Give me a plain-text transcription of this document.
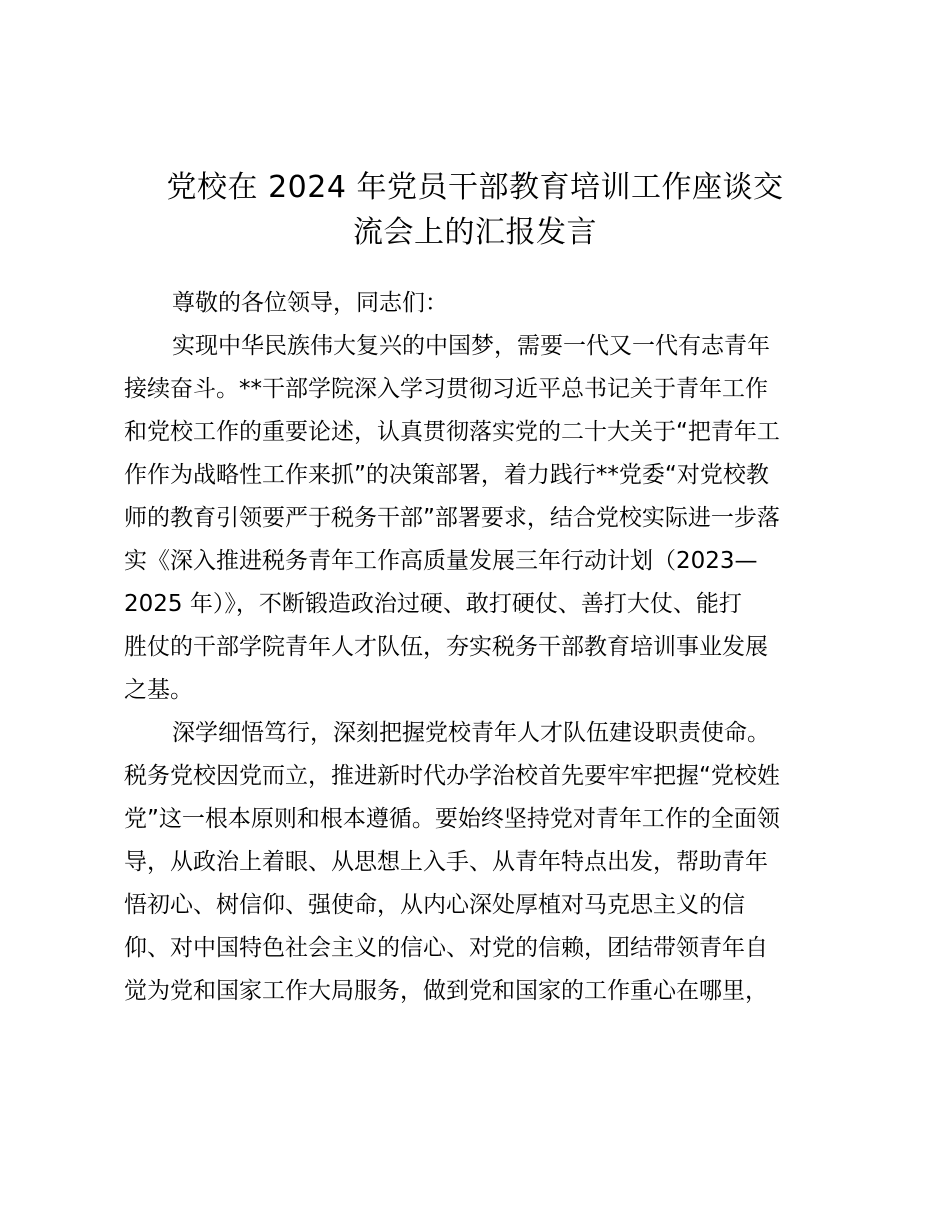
党校在 2024 年党员干部教育培训工作座谈交
流会上的汇报发言

尊敬的各位领导，同志们：

实现中华民族伟大复兴的中国梦，需要一代又一代有志青年
接续奋斗。**干部学院深入学习贯彻习近平总书记关于青年工作
和党校工作的重要论述，认真贯彻落实党的二十大关于“把青年工
作作为战略性工作来抓”的决策部署，着力践行**党委“对党校教
师的教育引领要严于税务干部”部署要求，结合党校实际进一步落
实《深入推进税务青年工作高质量发展三年行动计划（2023—
2025 年）》，不断锻造政治过硬、敢打硬仗、善打大仗、能打
胜仗的干部学院青年人才队伍，夯实税务干部教育培训事业发展
之基。

深学细悟笃行，深刻把握党校青年人才队伍建设职责使命。
税务党校因党而立，推进新时代办学治校首先要牢牢把握“党校姓
党”这一根本原则和根本遵循。要始终坚持党对青年工作的全面领
导，从政治上着眼、从思想上入手、从青年特点出发，帮助青年
悟初心、树信仰、强使命，从内心深处厚植对马克思主义的信
仰、对中国特色社会主义的信心、对党的信赖，团结带领青年自
觉为党和国家工作大局服务，做到党和国家的工作重心在哪里，
